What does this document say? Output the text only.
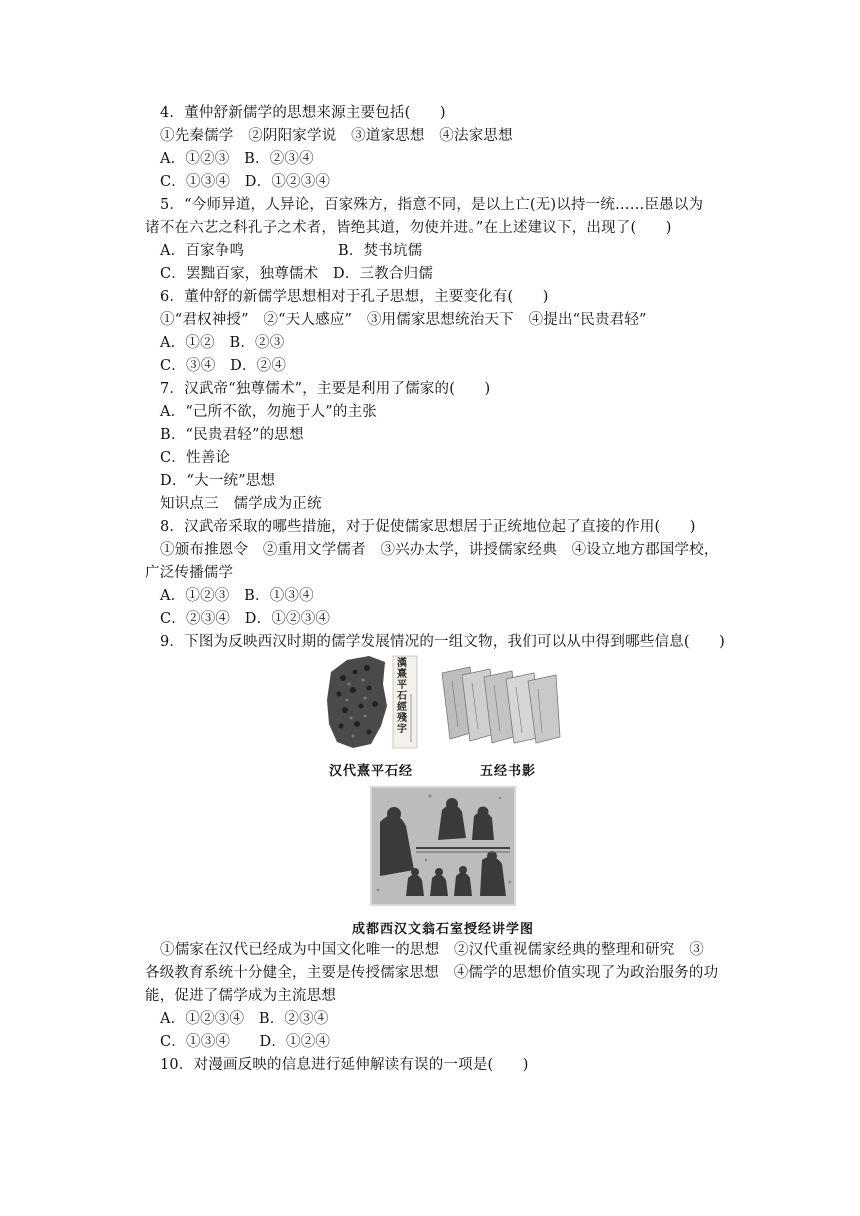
4．董仲舒新儒学的思想来源主要包括(　　)
①先秦儒学　②阴阳家学说　③道家思想　④法家思想
A．①②③　B．②③④
C．①③④　D．①②③④
5．“今师异道，人异论，百家殊方，指意不同，是以上亡(无)以持一统……臣愚以为
诸不在六艺之科孔子之术者，皆绝其道，勿使并进。”在上述建议下，出现了(　　)
A．百家争鸣	B．焚书坑儒
C．罢黜百家，独尊儒术　D．三教合归儒
6．董仲舒的新儒学思想相对于孔子思想，主要变化有(　　)
①“君权神授”　②“天人感应”　③用儒家思想统治天下　④提出“民贵君轻”
A．①②　B．②③
C．③④　D．②④
7．汉武帝“独尊儒术”，主要是利用了儒家的(　　)
A．“己所不欲，勿施于人”的主张
B．“民贵君轻”的思想
C．性善论
D．“大一统”思想
知识点三　儒学成为正统
8．汉武帝采取的哪些措施，对于促使儒家思想居于正统地位起了直接的作用(　　)
①颁布推恩令　②重用文学儒者　③兴办太学，讲授儒家经典　④设立地方郡国学校，
广泛传播儒学
A．①②③　B．①③④
C．②③④　D．①②③④
9．下图为反映西汉时期的儒学发展情况的一组文物，我们可以从中得到哪些信息(　　)
漢熹平石經殘字
汉代熹平石经	五经书影
成都西汉文翁石室授经讲学图
①儒家在汉代已经成为中国文化唯一的思想　②汉代重视儒家经典的整理和研究　③
各级教育系统十分健全，主要是传授儒家思想　④儒学的思想价值实现了为政治服务的功
能，促进了儒学成为主流思想
A．①②③④　B．②③④
C．①③④　　D．①②④
10．对漫画反映的信息进行延伸解读有误的一项是(　　)
